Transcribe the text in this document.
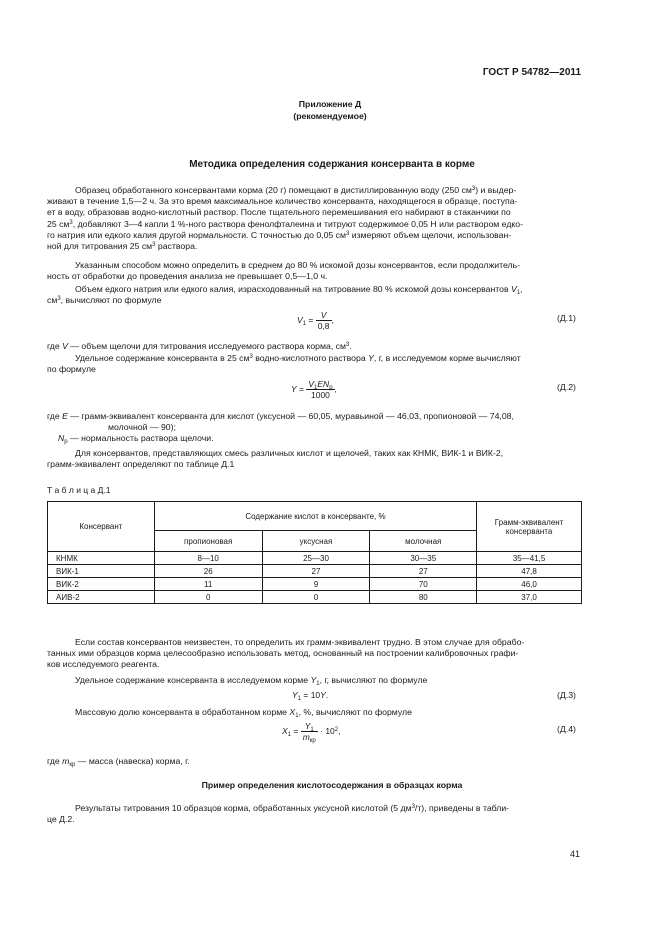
ГОСТ Р 54782—2011
Приложение Д
(рекомендуемое)
Методика определения содержания консерванта в корме
Образец обработанного консервантами корма (20 г) помещают в дистиллированную воду (250 $см^3$) и выдер-
живают в течение 1,5—2 ч. За это время максимальное количество консерванта, находящегося в образце, поступа-
ет в воду, образовав водно-кислотный раствор. После тщательного перемешивания его набирают в стаканчики по
25 $см^3$, добавляют 3—4 капли 1 %-ного раствора фенолфталеина и титруют содержимое 0,05 Н или раствором едко-
го натрия или едкого калия другой нормальности. С точностью до 0,05 $см^3$ измеряют объем щелочи, использован-
ной для титрования 25 $см^3$ раствора.
Указанным способом можно определить в среднем до 80 % искомой дозы консервантов, если продолжитель-
ность от обработки до проведения анализа не превышает 0,5—1,0 ч.
Объем едкого натрия или едкого калия, израсходованный на титрование 80 % искомой дозы консервантов $V_1$,
$см^3$, вычисляют по формуле
$V_1 = \frac{V}{0,8}$ ,	(Д.1)
где V — объем щелочи для титрования исследуемого раствора корма, $см^3$.
Удельное содержание консерванта в 25 $см^3$ водно-кислотного раствора Y, г, в исследуемом корме вычисляют
по формуле
$Y = \frac{V_1EN_р}{1000}$ ,	(Д.2)
где E — грамм-эквивалент консерванта для кислот (уксусной — 60,05, муравьиной — 46,03, пропионовой — 74,08,
молочной — 90);
$N_р$ — нормальность раствора щелочи.
Для консервантов, представляющих смесь различных кислот и щелочей, таких как КНМК, ВИК-1 и ВИК-2,
грамм-эквивалент определяют по таблице Д.1
Т а б л и ц а Д.1
Консервант	Содержание кислот в консерванте, %			Грамм-эквивалент
консерванта

	пропионовая	уксусная	молочная	
КНМК	8—10	25—30	30—35	35—41,5
ВИК-1	26	27	27	47,8
ВИК-2	11	9	70	46,0
АИВ-2	0	0	80	37,0
Если состав консервантов неизвестен, то определить их грамм-эквивалент трудно. В этом случае для обрабо-
танных ими образцов корма целесообразно использовать метод, основанный на построении калибровочных графи-
ков исследуемого реагента.
Удельное содержание консерванта в исследуемом корме $Y_1$, г, вычисляют по формуле
$Y_1 = 10Y$.	(Д.3)
Массовую долю консерванта в обработанном корме $X_1$, %, вычисляют по формуле
$X_1 = \frac{Y_1}{m_{кр}} \cdot 10^2$,	(Д.4)
где $m_{кр}$ — масса (навеска) корма, г.
Пример определения кислотосодержания в образцах корма
Результаты титрования 10 образцов корма, обработанных уксусной кислотой (5 $дм^3/т$), приведены в табли-
це Д.2.
41
